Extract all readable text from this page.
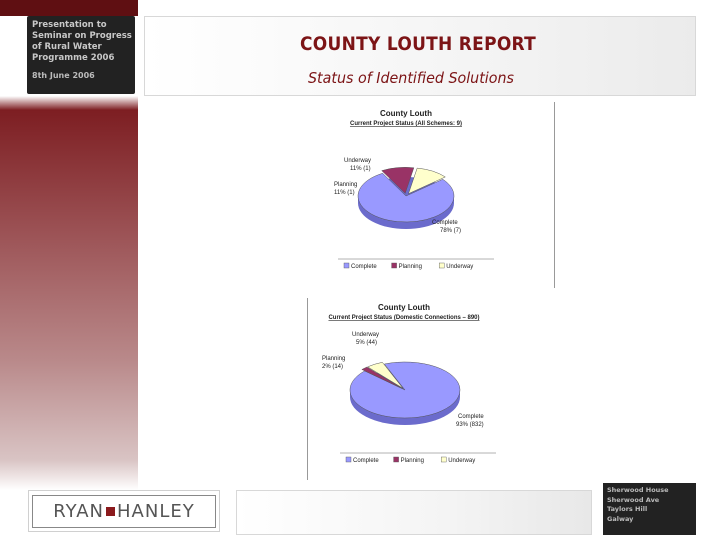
Presentation to
Seminar on Progress
of Rural Water
Programme 2006
8th June 2006
COUNTY LOUTH REPORT
Status of Identified Solutions
County Louth
Current Project Status (All Schemes: 9)
Complete
78% (7)
Planning
11% (1)
Underway
11% (1)
Complete	Planning	Underway
County Louth
Current Project Status (Domestic Connections – 890)
Complete
93% (832)
Planning
2% (14)
Underway
5% (44)
Complete	Planning	Underway
RYAN HANLEY
Sherwood House
Sherwood Ave
Taylors Hill
Galway
